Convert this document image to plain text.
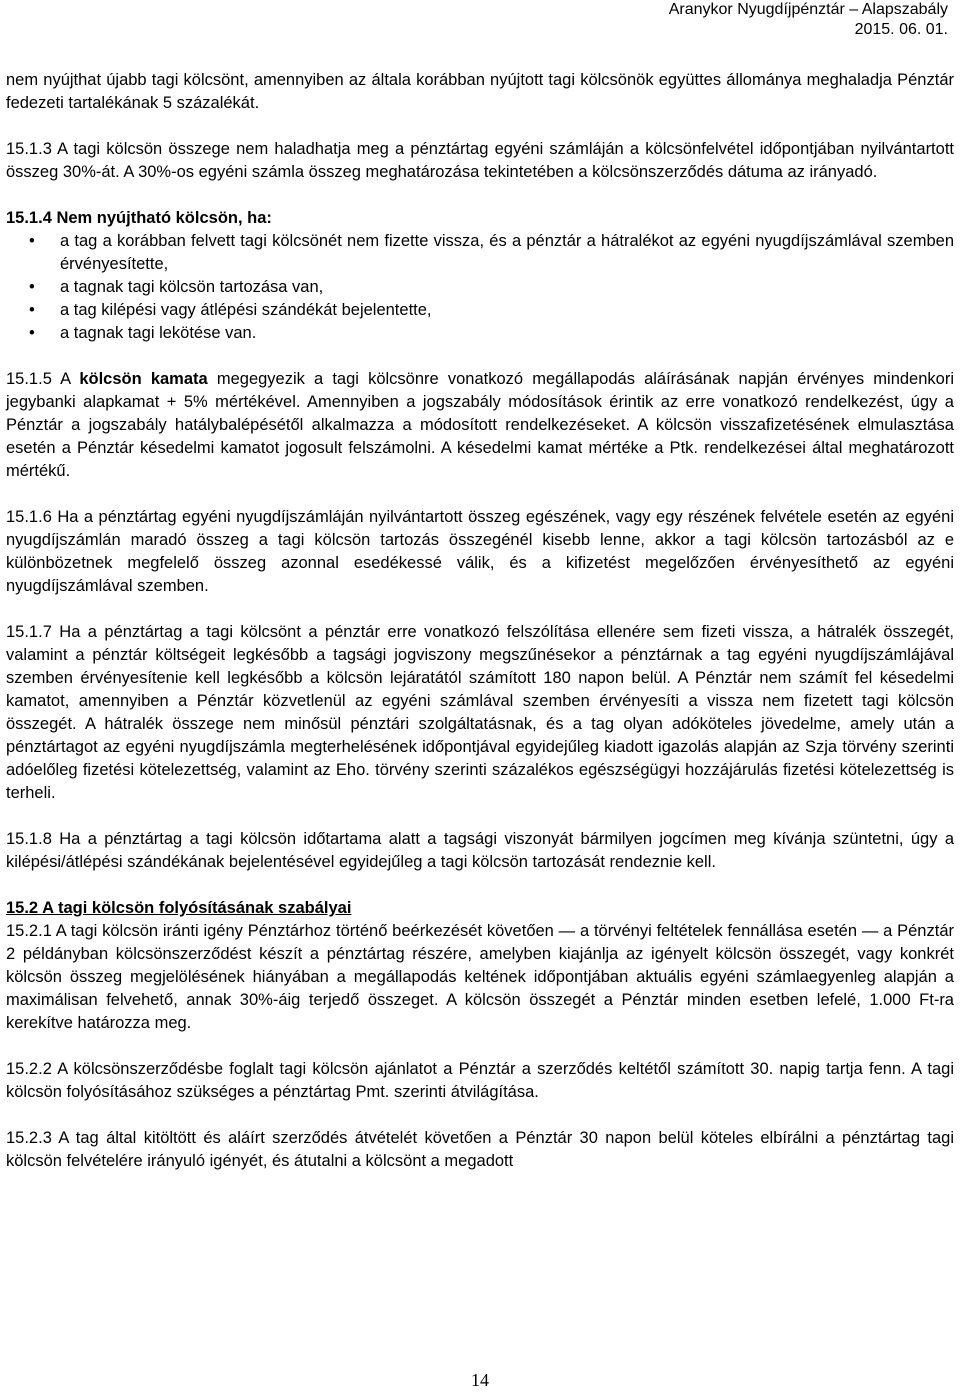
Aranykor Nyugdíjpénztár – Alapszabály
2015. 06. 01.

nem nyújthat újabb tagi kölcsönt, amennyiben az általa korábban nyújtott tagi kölcsönök együttes állománya meghaladja Pénztár fedezeti tartalékának 5 százalékát.

15.1.3 A tagi kölcsön összege nem haladhatja meg a pénztártag egyéni számláján a kölcsönfelvétel időpontjában nyilvántartott összeg 30%-át. A 30%-os egyéni számla összeg meghatározása tekintetében a kölcsönszerződés dátuma az irányadó.

15.1.4 Nem nyújtható kölcsön, ha:

• a tag a korábban felvett tagi kölcsönét nem fizette vissza, és a pénztár a hátralékot az egyéni nyugdíjszámlával szemben érvényesítette,
• a tagnak tagi kölcsön tartozása van,
• a tag kilépési vagy átlépési szándékát bejelentette,
• a tagnak tagi lekötése van.

15.1.5 A kölcsön kamata megegyezik a tagi kölcsönre vonatkozó megállapodás aláírásának napján érvényes mindenkori jegybanki alapkamat + 5% mértékével. Amennyiben a jogszabály módosítások érintik az erre vonatkozó rendelkezést, úgy a Pénztár a jogszabály hatálybalépésétől alkalmazza a módosított rendelkezéseket. A kölcsön visszafizetésének elmulasztása esetén a Pénztár késedelmi kamatot jogosult felszámolni. A késedelmi kamat mértéke a Ptk. rendelkezései által meghatározott mértékű.

15.1.6 Ha a pénztártag egyéni nyugdíjszámláján nyilvántartott összeg egészének, vagy egy részének felvétele esetén az egyéni nyugdíjszámlán maradó összeg a tagi kölcsön tartozás összegénél kisebb lenne, akkor a tagi kölcsön tartozásból az e különbözetnek megfelelő összeg azonnal esedékessé válik, és a kifizetést megelőzően érvényesíthető az egyéni nyugdíjszámlával szemben.

15.1.7 Ha a pénztártag a tagi kölcsönt a pénztár erre vonatkozó felszólítása ellenére sem fizeti vissza, a hátralék összegét, valamint a pénztár költségeit legkésőbb a tagsági jogviszony megszűnésekor a pénztárnak a tag egyéni nyugdíjszámlájával szemben érvényesítenie kell legkésőbb a kölcsön lejáratától számított 180 napon belül. A Pénztár nem számít fel késedelmi kamatot, amennyiben a Pénztár közvetlenül az egyéni számlával szemben érvényesíti a vissza nem fizetett tagi kölcsön összegét. A hátralék összege nem minősül pénztári szolgáltatásnak, és a tag olyan adóköteles jövedelme, amely után a pénztártagot az egyéni nyugdíjszámla megterhelésének időpontjával egyidejűleg kiadott igazolás alapján az Szja törvény szerinti adóelőleg fizetési kötelezettség, valamint az Eho. törvény szerinti százalékos egészségügyi hozzájárulás fizetési kötelezettség is terheli.

15.1.8 Ha a pénztártag a tagi kölcsön időtartama alatt a tagsági viszonyát bármilyen jogcímen meg kívánja szüntetni, úgy a kilépési/átlépési szándékának bejelentésével egyidejűleg a tagi kölcsön tartozását rendeznie kell.

15.2 A tagi kölcsön folyósításának szabályai

15.2.1 A tagi kölcsön iránti igény Pénztárhoz történő beérkezését követően — a törvényi feltételek fennállása esetén — a Pénztár 2 példányban kölcsönszerződést készít a pénztártag részére, amelyben kiajánlja az igényelt kölcsön összegét, vagy konkrét kölcsön összeg megjelölésének hiányában a megállapodás keltének időpontjában aktuális egyéni számlaegyenleg alapján a maximálisan felvehető, annak 30%-áig terjedő összeget. A kölcsön összegét a Pénztár minden esetben lefelé, 1.000 Ft-ra kerekítve határozza meg.

15.2.2 A kölcsönszerződésbe foglalt tagi kölcsön ajánlatot a Pénztár a szerződés keltétől számított 30. napig tartja fenn. A tagi kölcsön folyósításához szükséges a pénztártag Pmt. szerinti átvilágítása.

15.2.3 A tag által kitöltött és aláírt szerződés átvételét követően a Pénztár 30 napon belül köteles elbírálni a pénztártag tagi kölcsön felvételére irányuló igényét, és átutalni a kölcsönt a megadott

14
